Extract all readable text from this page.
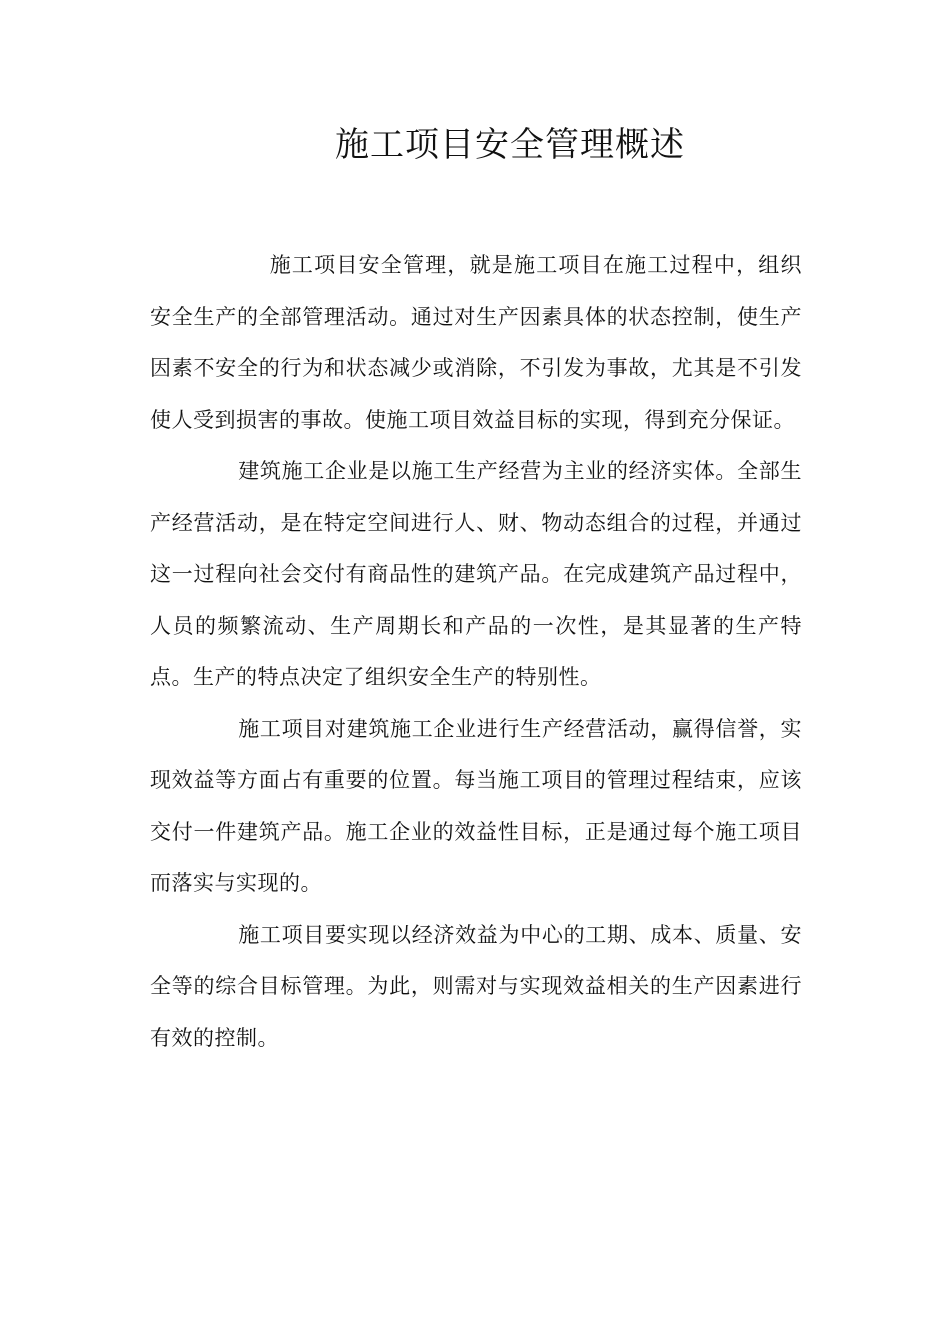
施工项目安全管理概述

施工项目安全管理，就是施工项目在施工过程中，组织安全生产的全部管理活动。通过对生产因素具体的状态控制，使生产因素不安全的行为和状态减少或消除，不引发为事故，尤其是不引发使人受到损害的事故。使施工项目效益目标的实现，得到充分保证。

建筑施工企业是以施工生产经营为主业的经济实体。全部生产经营活动，是在特定空间进行人、财、物动态组合的过程，并通过这一过程向社会交付有商品性的建筑产品。在完成建筑产品过程中，人员的频繁流动、生产周期长和产品的一次性，是其显著的生产特点。生产的特点决定了组织安全生产的特别性。

施工项目对建筑施工企业进行生产经营活动，赢得信誉，实现效益等方面占有重要的位置。每当施工项目的管理过程结束，应该交付一件建筑产品。施工企业的效益性目标，正是通过每个施工项目而落实与实现的。

施工项目要实现以经济效益为中心的工期、成本、质量、安全等的综合目标管理。为此，则需对与实现效益相关的生产因素进行有效的控制。
